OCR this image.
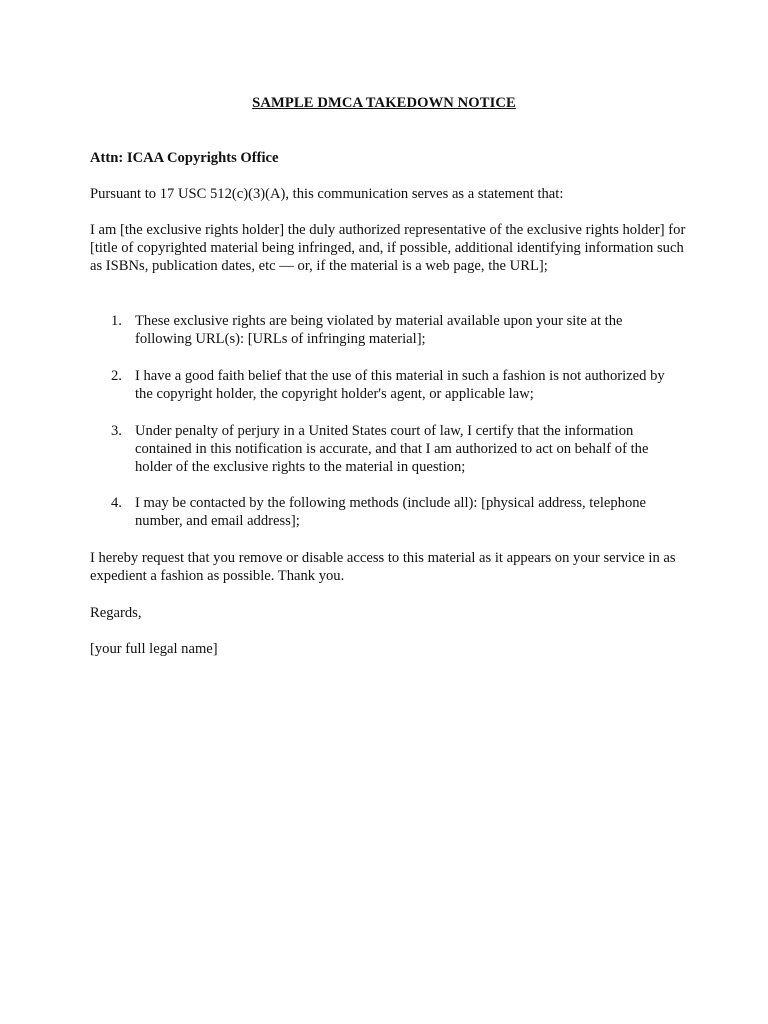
SAMPLE DMCA TAKEDOWN NOTICE
Attn: ICAA Copyrights Office
Pursuant to 17 USC 512(c)(3)(A), this communication serves as a statement that:
I am [the exclusive rights holder] the duly authorized representative of the exclusive rights holder] for [title of copyrighted material being infringed, and, if possible, additional identifying information such as ISBNs, publication dates, etc — or, if the material is a web page, the URL];
1. These exclusive rights are being violated by material available upon your site at the following URL(s): [URLs of infringing material];
2. I have a good faith belief that the use of this material in such a fashion is not authorized by the copyright holder, the copyright holder's agent, or applicable law;
3. Under penalty of perjury in a United States court of law, I certify that the information contained in this notification is accurate, and that I am authorized to act on behalf of the holder of the exclusive rights to the material in question;
4. I may be contacted by the following methods (include all): [physical address, telephone number, and email address];
I hereby request that you remove or disable access to this material as it appears on your service in as expedient a fashion as possible. Thank you.
Regards,
[your full legal name]
